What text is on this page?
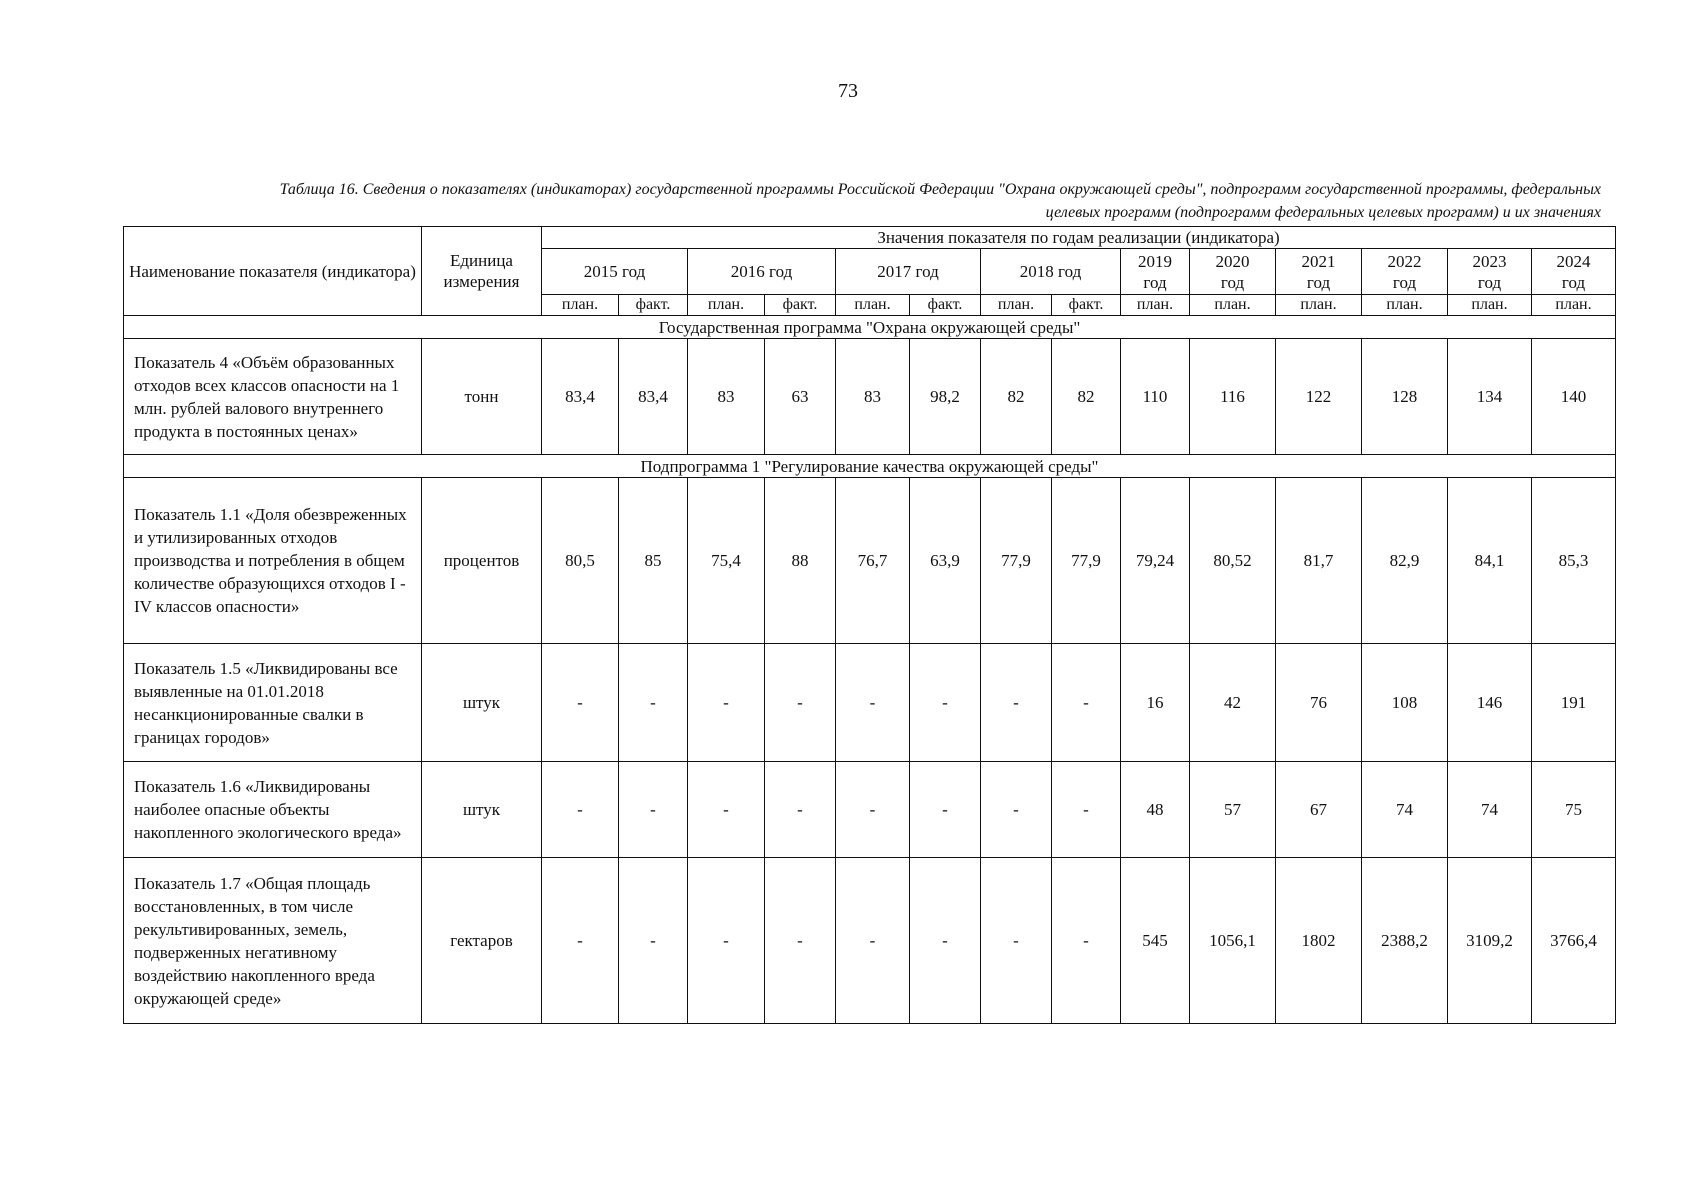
73
Таблица 16. Сведения о показателях (индикаторах) государственной программы Российской Федерации "Охрана окружающей среды", подпрограмм государственной программы, федеральных целевых программ (подпрограмм федеральных целевых программ) и их значениях
Наименование показателя (индикатора)	Единица измерения	Значения показателя по годам реализации (индикатора)													
		2015 год		2016 год		2017 год		2018 год		2019 год	2020 год	2021 год	2022 год	2023 год	2024 год
		план.	факт.	план.	факт.	план.	факт.	план.	факт.	план.	план.	план.	план.	план.	план.
Государственная программа "Охрана окружающей среды"															
Показатель 4 «Объём образованных отходов всех классов опасности на 1 млн. рублей валового внутреннего продукта в постоянных ценах»	тонн	83,4	83,4	83	63	83	98,2	82	82	110	116	122	128	134	140
Подпрограмма 1 "Регулирование качества окружающей среды"															
Показатель 1.1 «Доля обезвреженных и утилизированных отходов производства и потребления в общем количестве образующихся отходов I - IV классов опасности»	процентов	80,5	85	75,4	88	76,7	63,9	77,9	77,9	79,24	80,52	81,7	82,9	84,1	85,3
Показатель 1.5 «Ликвидированы все выявленные на 01.01.2018 несанкционированные свалки в границах городов»	штук	-	-	-	-	-	-	-	-	16	42	76	108	146	191
Показатель 1.6 «Ликвидированы наиболее опасные объекты накопленного экологического вреда»	штук	-	-	-	-	-	-	-	-	48	57	67	74	74	75
Показатель 1.7 «Общая площадь восстановленных, в том числе рекультивированных, земель, подверженных негативному воздействию накопленного вреда окружающей среде»	гектаров	-	-	-	-	-	-	-	-	545	1056,1	1802	2388,2	3109,2	3766,4
